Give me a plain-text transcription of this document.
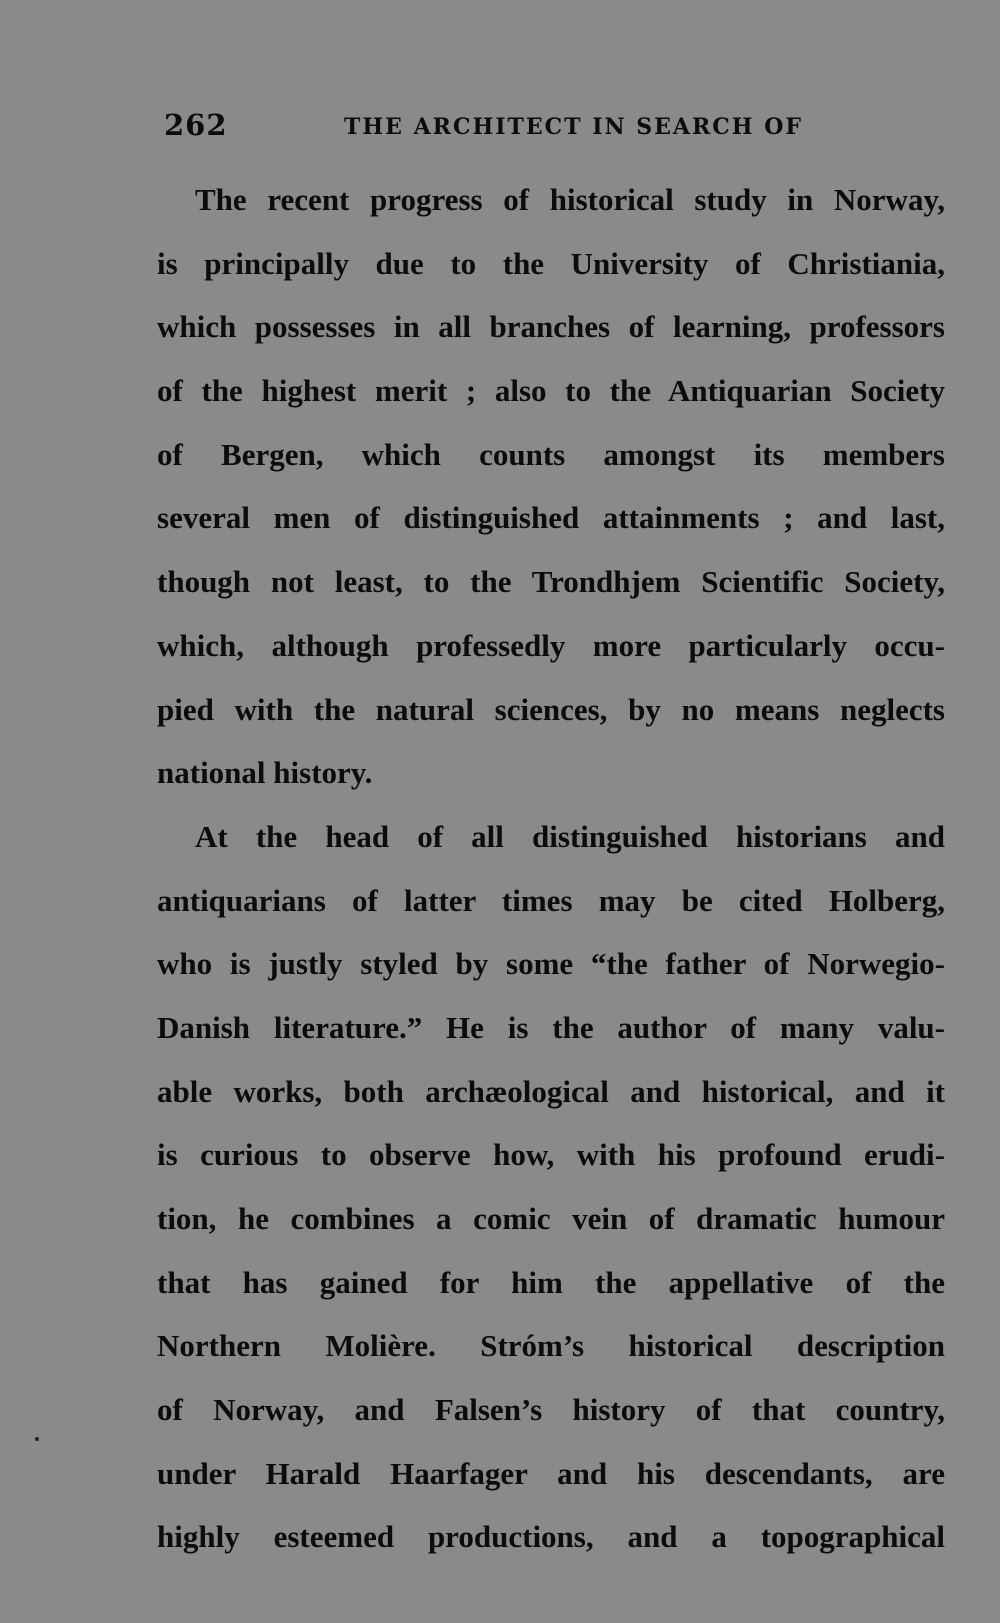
262	THE ARCHITECT IN SEARCH OF
The recent progress of historical study in Norway,
is principally due to the University of Christiania,
which possesses in all branches of learning, professors
of the highest merit ; also to the Antiquarian Society
of Bergen, which counts amongst its members
several men of distinguished attainments ; and last,
though not least, to the Trondhjem Scientific Society,
which, although professedly more particularly occu-
pied with the natural sciences, by no means neglects
national history.
At the head of all distinguished historians and
antiquarians of latter times may be cited Holberg,
who is justly styled by some “the father of Norwegio-
Danish literature.” He is the author of many valu-
able works, both archæological and historical, and it
is curious to observe how, with his profound erudi-
tion, he combines a comic vein of dramatic humour
that has gained for him the appellative of the
Northern Molière. Stróm’s historical description
of Norway, and Falsen’s history of that country,
under Harald Haarfager and his descendants, are
highly esteemed productions, and a topographical
